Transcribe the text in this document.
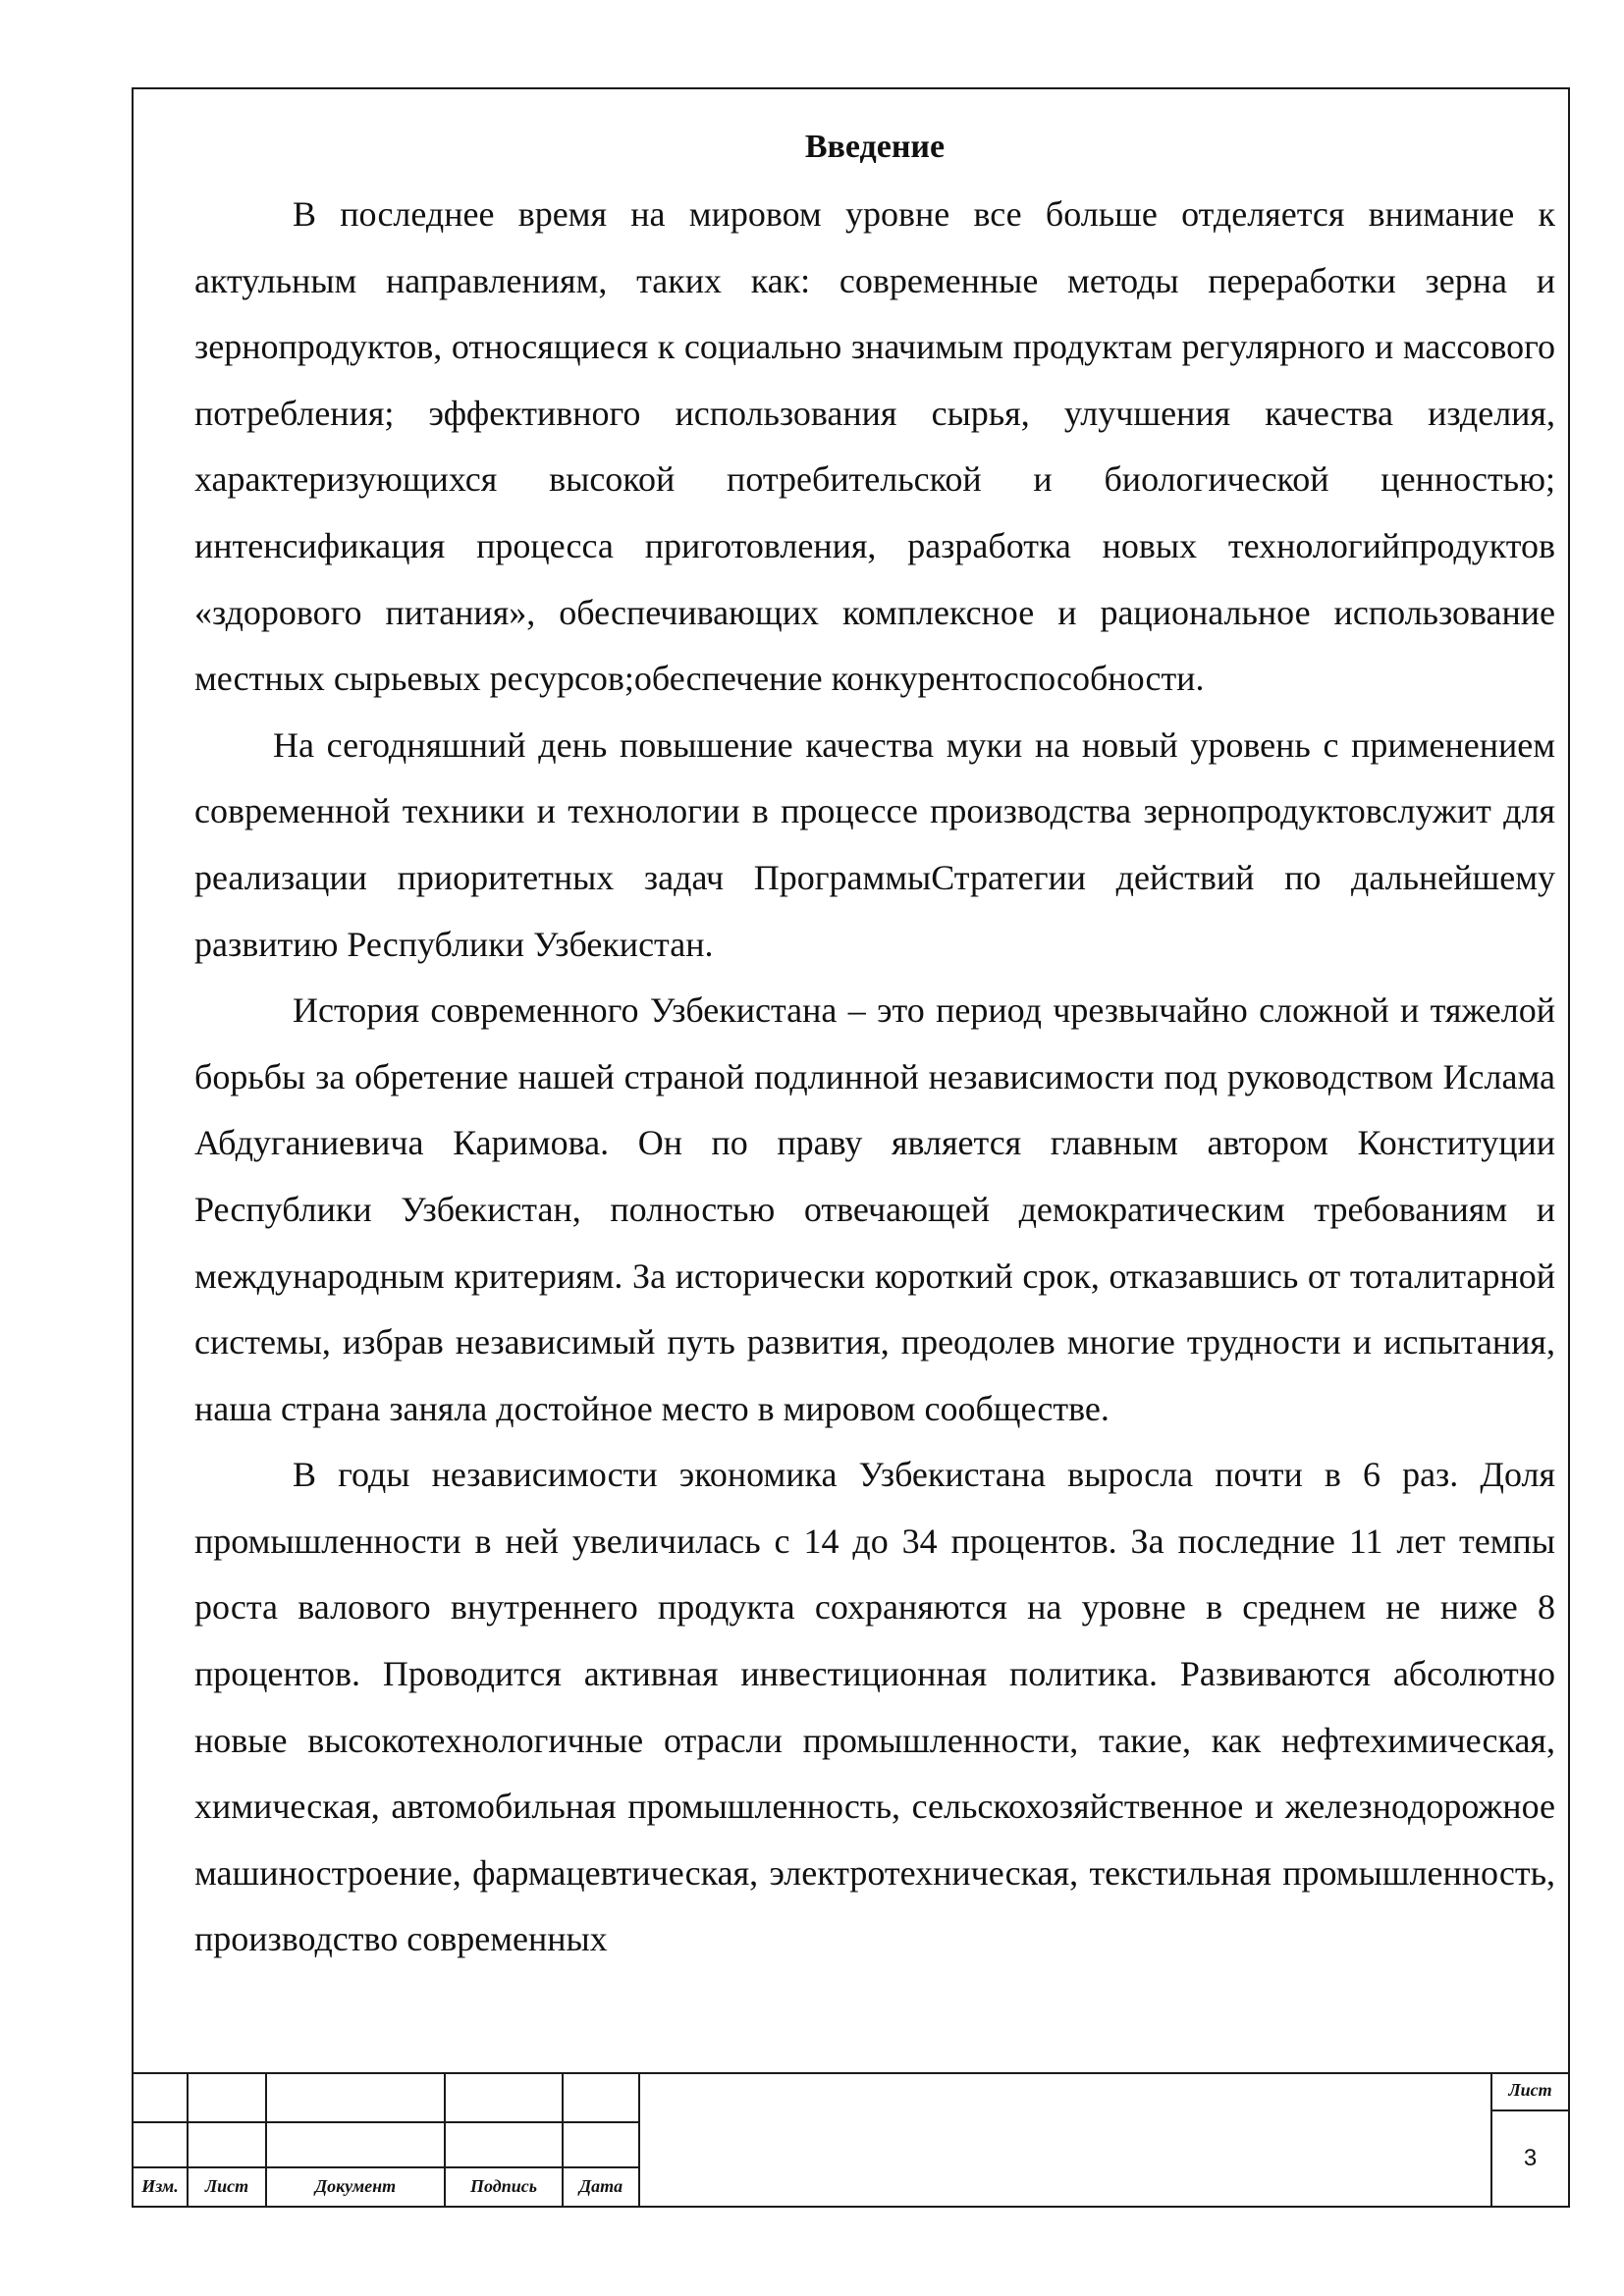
Введение

В последнее время на мировом уровне все больше отделяется внимание к актульным направлениям, таких как: современные методы переработки зерна и зернопродуктов, относящиеся к социально значимым продуктам регулярного и массового потребления; эффективного использования сырья, улучшения качества изделия, характеризующихся высокой потребительской и биологической ценностью; интенсификация процесса приготовления, разработка новых технологийпродуктов «здорового питания», обеспечивающих комплексное и рациональное использование местных сырьевых ресурсов;обеспечение конкурентоспособности.

На сегодняшний день повышение качества муки на новый уровень с применением современной техники и технологии в процессе производства зернопродуктовслужит для реализации приоритетных задач ПрограммыСтратегии действий по дальнейшему развитию Республики Узбекистан.

История современного Узбекистана – это период чрезвычайно сложной и тяжелой борьбы за обретение нашей страной подлинной независимости под руководством Ислама Абдуганиевича Каримова. Он по праву является главным автором Конституции Республики Узбекистан, полностью отвечающей демократическим требованиям и международным критериям. За исторически короткий срок, отказавшись от тоталитарной системы, избрав независимый путь развития, преодолев многие трудности и испытания, наша страна заняла достойное место в мировом сообществе.

В годы независимости экономика Узбекистана выросла почти в 6 раз. Доля промышленности в ней увеличилась с 14 до 34 процентов. За последние 11 лет темпы роста валового внутреннего продукта сохраняются на уровне в среднем не ниже 8 процентов. Проводится активная инвестиционная политика. Развиваются абсолютно новые высокотехнологичные отрасли промышленности, такие, как нефтехимическая, химическая, автомобильная промышленность, сельскохозяйственное и железнодорожное машиностроение, фармацевтическая, электротехническая, текстильная промышленность, производство современных

Изм.	Лист	Документ	Подпись	Дата
Лист
3
